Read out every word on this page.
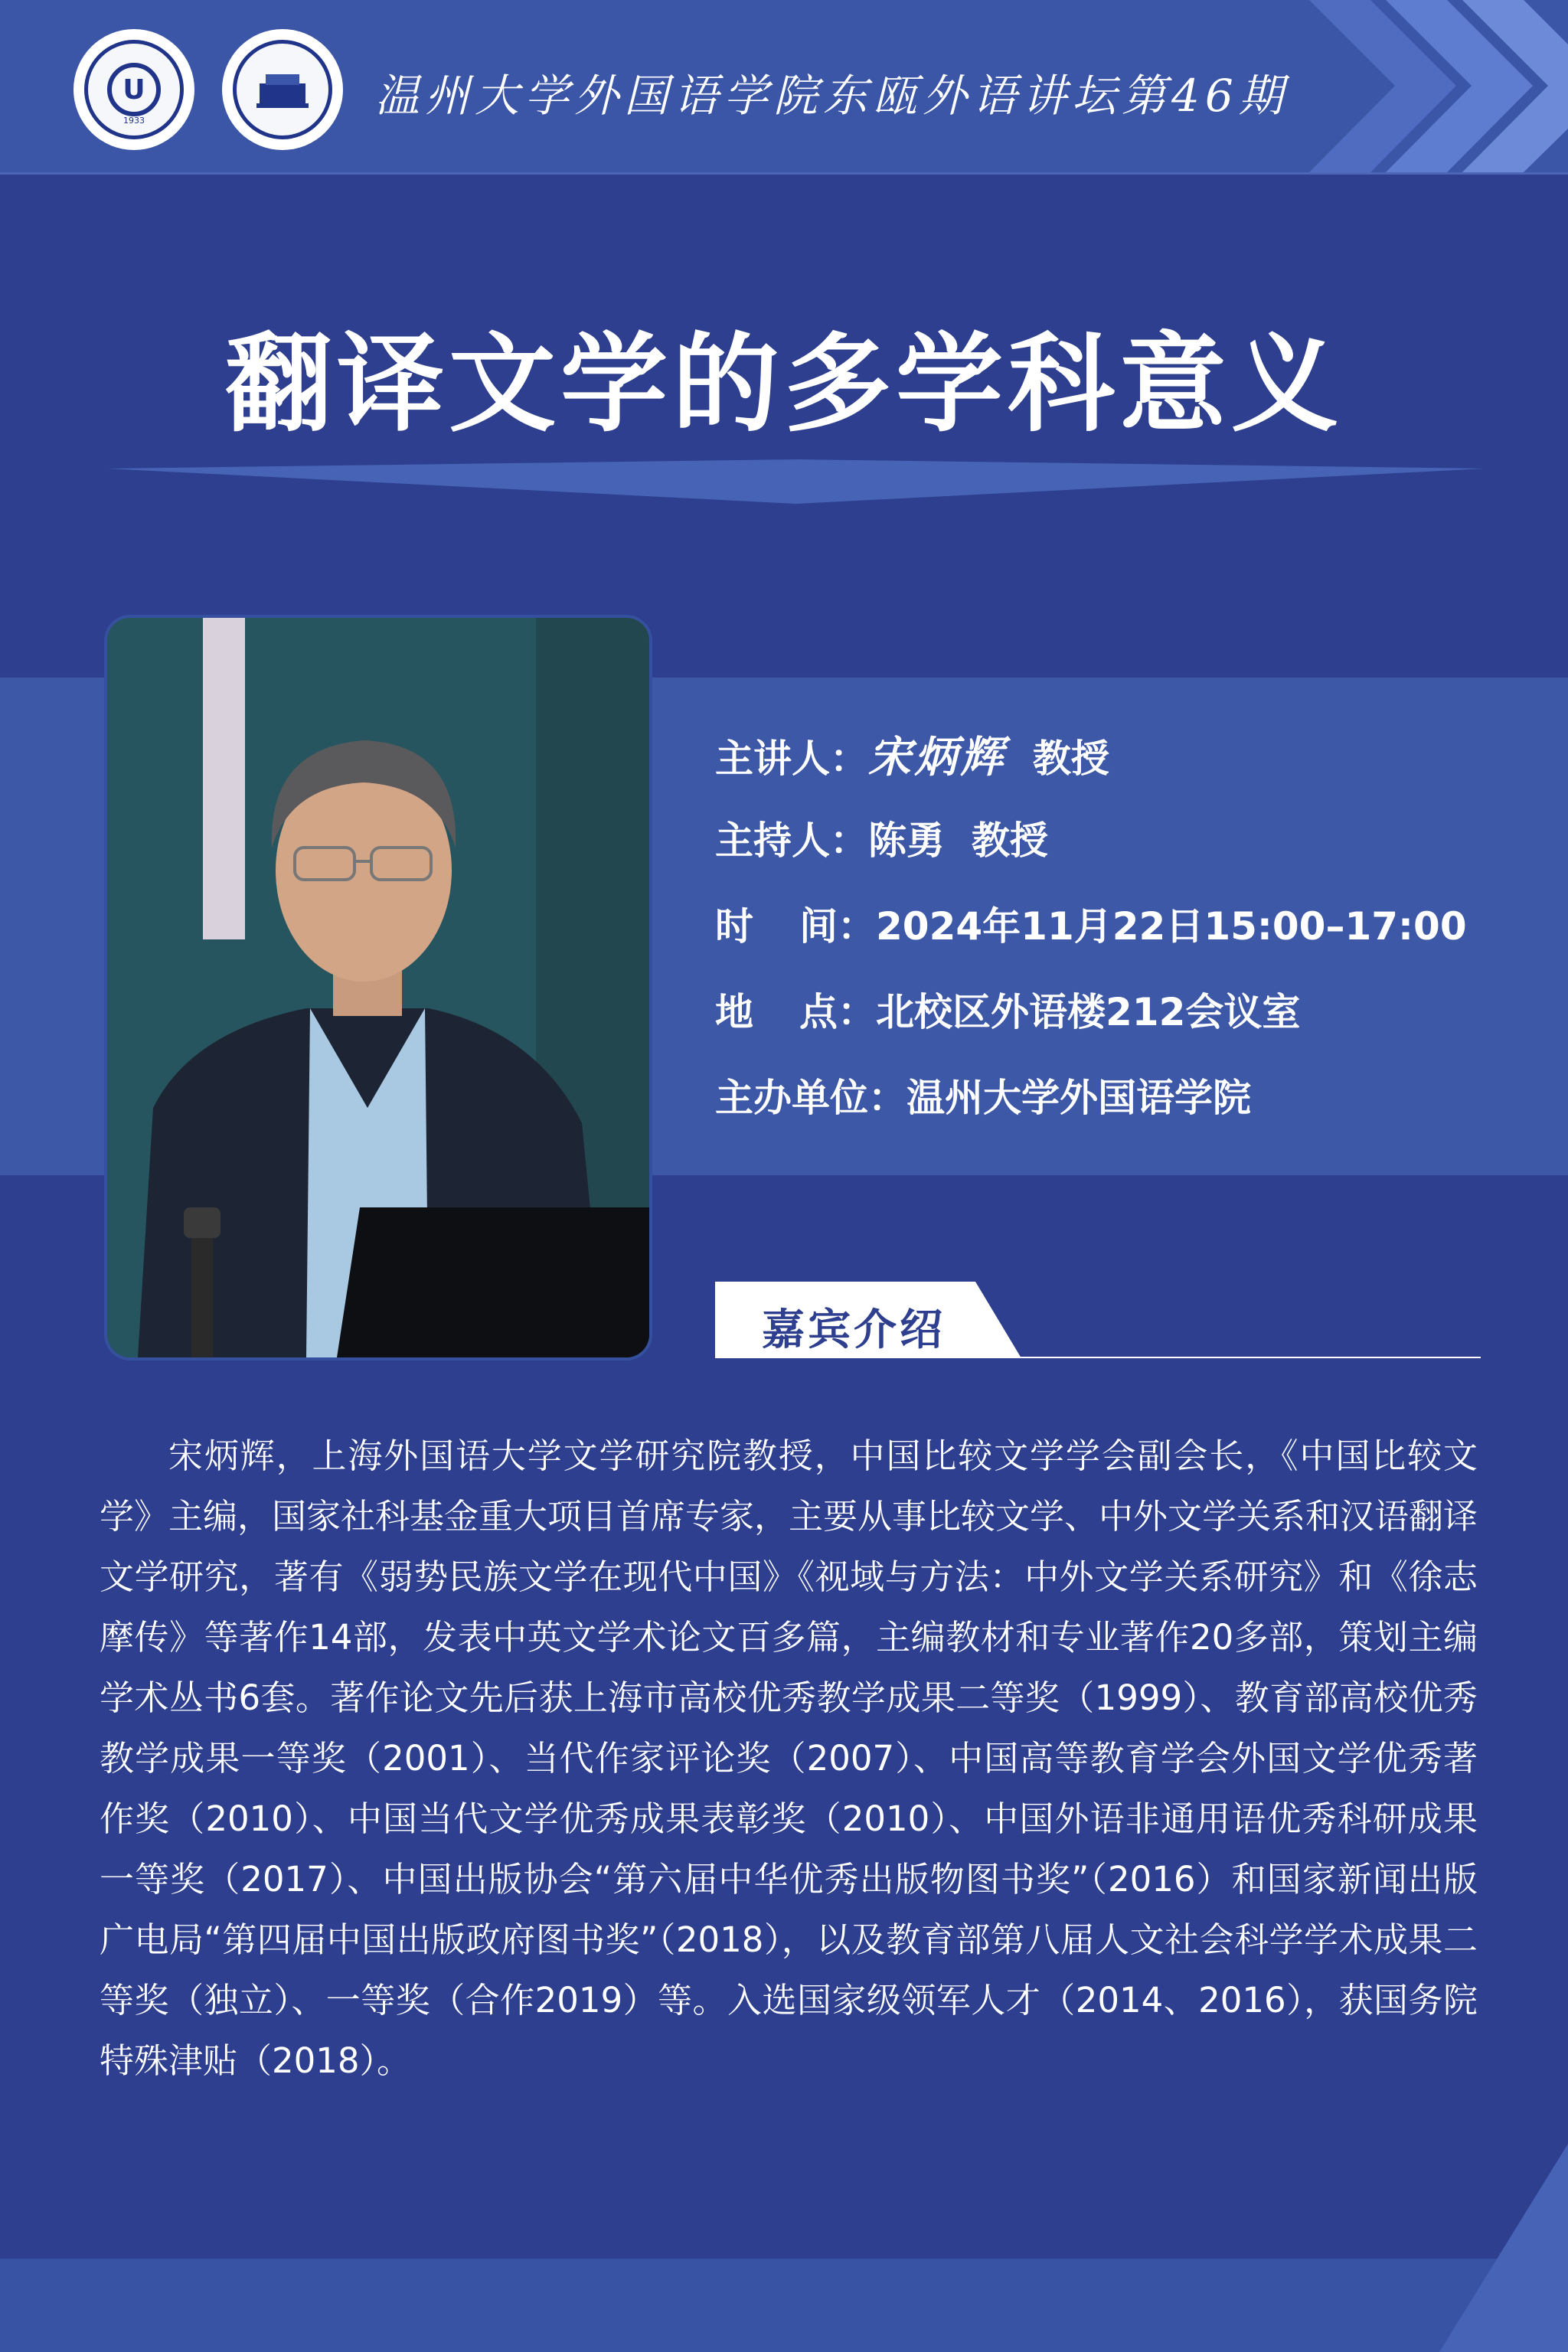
U
1933	温州大学外国语学院东瓯外语讲坛第46期
翻译文学的多学科意义
主讲人：宋炳辉 教授
主持人：陈勇  教授
时 间：2024年11月22日15:00–17:00
地 点：北校区外语楼212会议室
主办单位：温州大学外国语学院
嘉宾介绍
宋炳辉，上海外国语大学文学研究院教授，中国比较文学学会副会长，《中国比较文学》主编，国家社科基金重大项目首席专家，主要从事比较文学、中外文学关系和汉语翻译文学研究，著有《弱势民族文学在现代中国》《视域与方法：中外文学关系研究》和《徐志摩传》等著作14部，发表中英文学术论文百多篇，主编教材和专业著作20多部，策划主编学术丛书6套。著作论文先后获上海市高校优秀教学成果二等奖（1999）、教育部高校优秀教学成果一等奖（2001）、当代作家评论奖（2007）、中国高等教育学会外国文学优秀著作奖（2010）、中国当代文学优秀成果表彰奖（2010）、中国外语非通用语优秀科研成果一等奖（2017）、中国出版协会“第六届中华优秀出版物图书奖”（2016）和国家新闻出版广电局“第四届中国出版政府图书奖”（2018），以及教育部第八届人文社会科学学术成果二等奖（独立）、一等奖（合作2019）等。入选国家级领军人才（2014、2016），获国务院特殊津贴（2018）。
